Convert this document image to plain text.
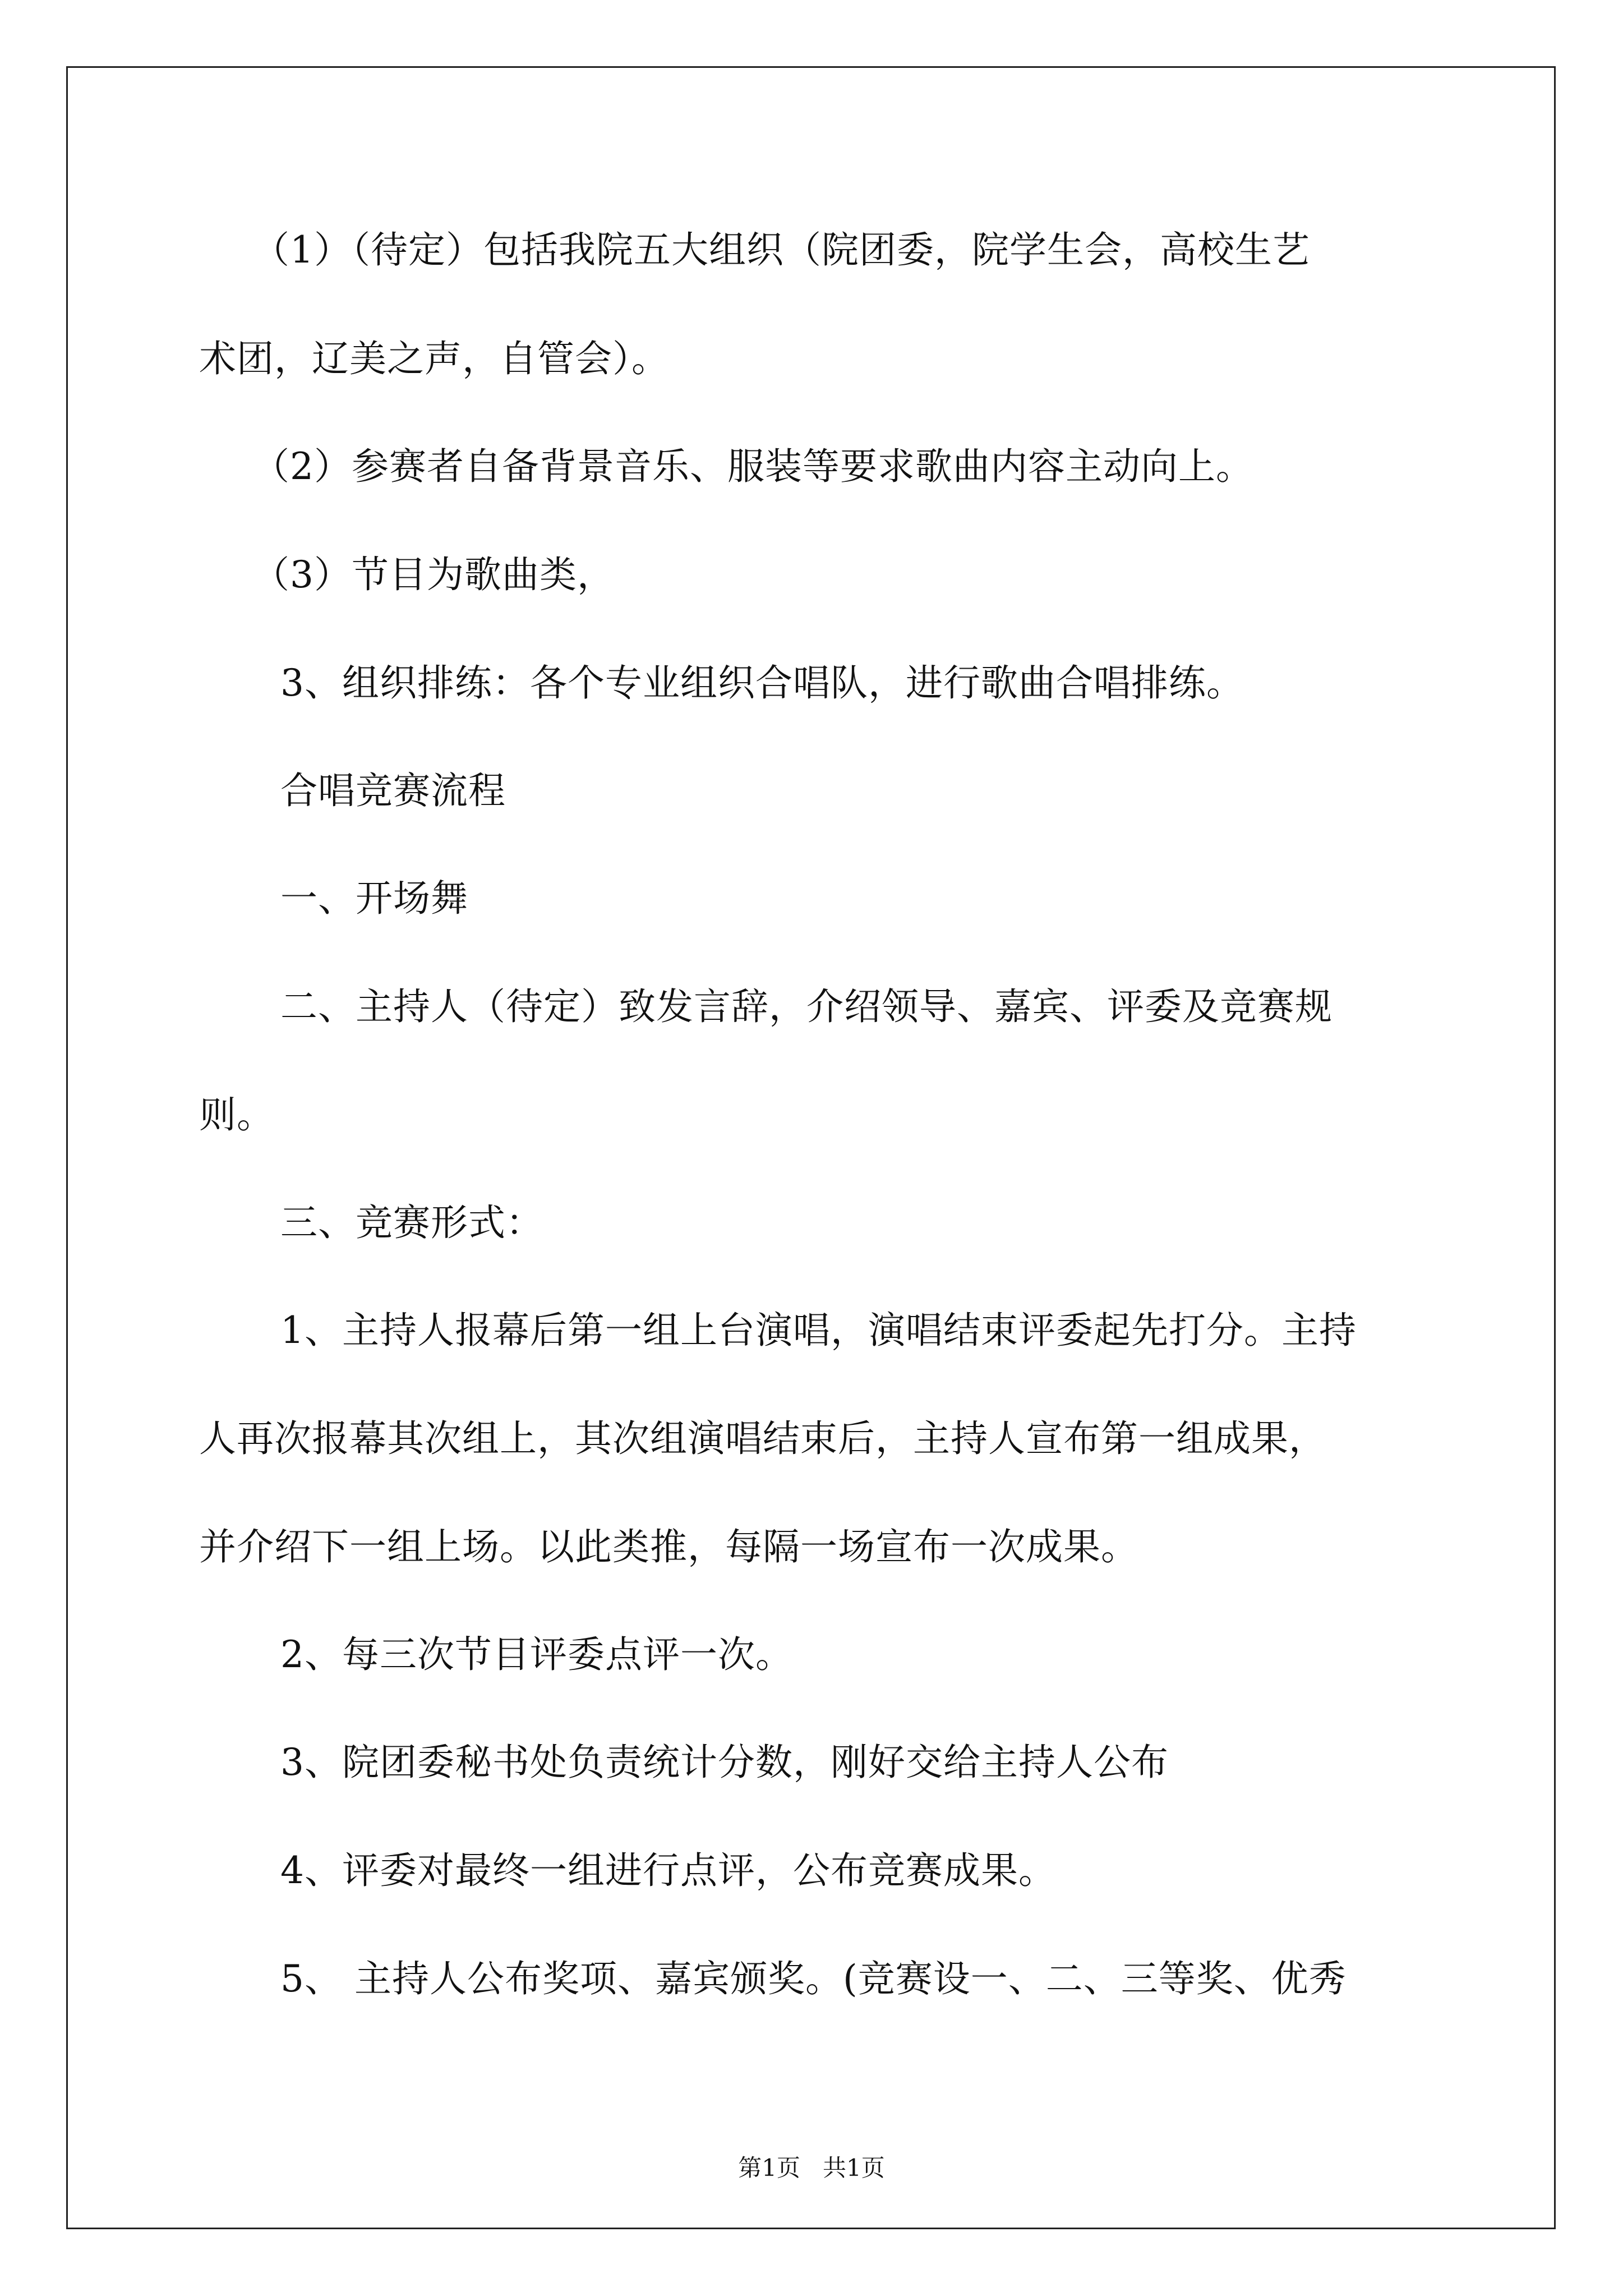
（1）（待定）包括我院五大组织（院团委，院学生会，高校生艺
术团，辽美之声，自管会）。
（2）参赛者自备背景音乐、服装等要求歌曲内容主动向上。
（3）节目为歌曲类，
3、组织排练：各个专业组织合唱队，进行歌曲合唱排练。
合唱竞赛流程
一、开场舞
二、主持人（待定）致发言辞，介绍领导、嘉宾、评委及竞赛规
则。
三、竞赛形式：
1、主持人报幕后第一组上台演唱，演唱结束评委起先打分。主持
人再次报幕其次组上，其次组演唱结束后，主持人宣布第一组成果，
并介绍下一组上场。以此类推，每隔一场宣布一次成果。
2、每三次节目评委点评一次。
3、院团委秘书处负责统计分数，刚好交给主持人公布
4、评委对最终一组进行点评，公布竞赛成果。
5、 主持人公布奖项、嘉宾颁奖。(竞赛设一、二、三等奖、优秀
第1页   共1页
